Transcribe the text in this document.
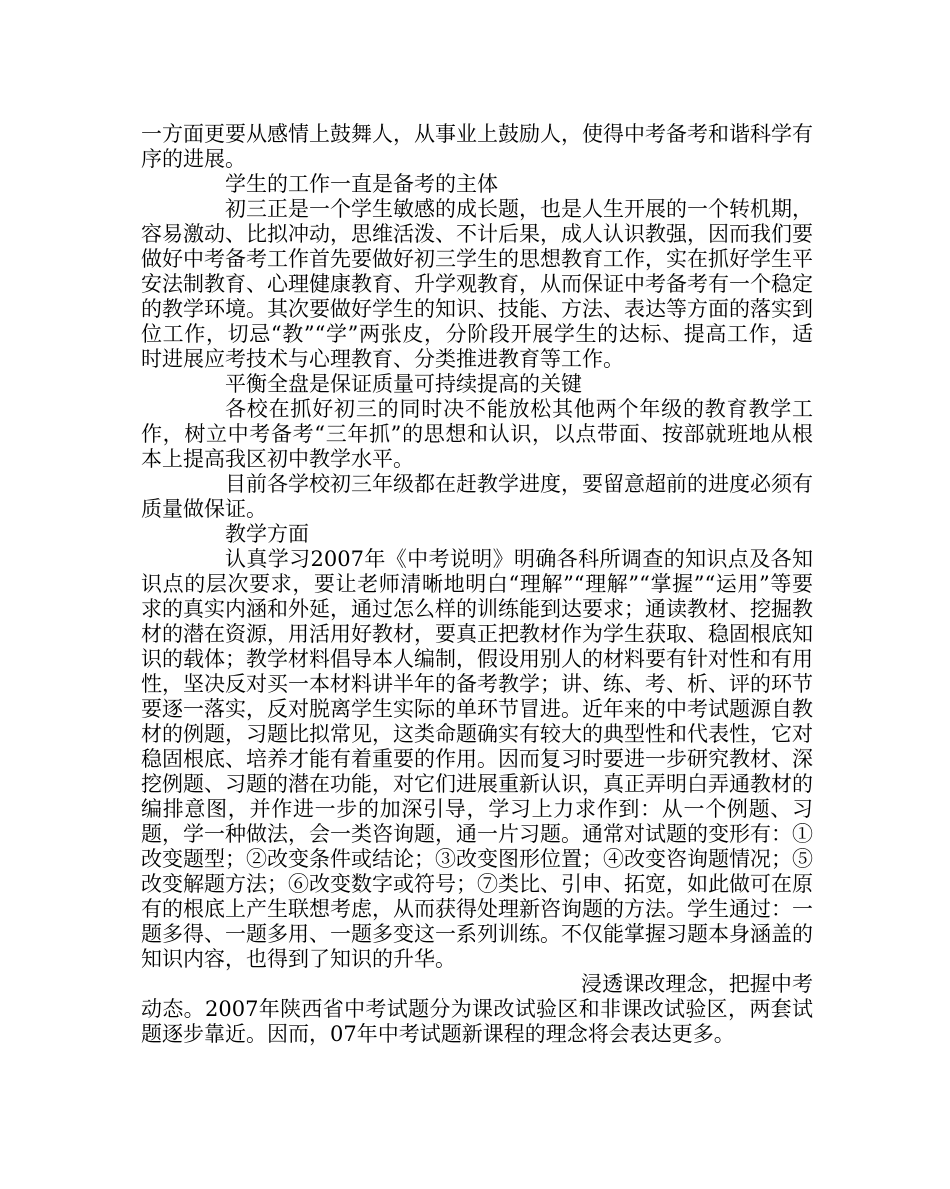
一方面更要从感情上鼓舞人，从事业上鼓励人，使得中考备考和谐科学有序的进展。

学生的工作一直是备考的主体

初三正是一个学生敏感的成长题，也是人生开展的一个转机期，容易激动、比拟冲动，思维活泼、不计后果，成人认识教强，因而我们要做好中考备考工作首先要做好初三学生的思想教育工作，实在抓好学生平安法制教育、心理健康教育、升学观教育，从而保证中考备考有一个稳定的教学环境。其次要做好学生的知识、技能、方法、表达等方面的落实到位工作，切忌“教”“学”两张皮，分阶段开展学生的达标、提高工作，适时进展应考技术与心理教育、分类推进教育等工作。

平衡全盘是保证质量可持续提高的关键

各校在抓好初三的同时决不能放松其他两个年级的教育教学工作，树立中考备考“三年抓”的思想和认识，以点带面、按部就班地从根本上提高我区初中教学水平。

目前各学校初三年级都在赶教学进度，要留意超前的进度必须有质量做保证。

教学方面

认真学习2007年《中考说明》明确各科所调查的知识点及各知识点的层次要求，要让老师清晰地明白“理解”“理解”“掌握”“运用”等要求的真实内涵和外延，通过怎么样的训练能到达要求；通读教材、挖掘教材的潜在资源，用活用好教材，要真正把教材作为学生获取、稳固根底知识的载体；教学材料倡导本人编制，假设用别人的材料要有针对性和有用性，坚决反对买一本材料讲半年的备考教学；讲、练、考、析、评的环节要逐一落实，反对脱离学生实际的单环节冒进。近年来的中考试题源自教材的例题，习题比拟常见，这类命题确实有较大的典型性和代表性，它对稳固根底、培养才能有着重要的作用。因而复习时要进一步研究教材、深挖例题、习题的潜在功能，对它们进展重新认识，真正弄明白弄通教材的编排意图，并作进一步的加深引导，学习上力求作到：从一个例题、习题，学一种做法，会一类咨询题，通一片习题。通常对试题的变形有：①改变题型；②改变条件或结论；③改变图形位置；④改变咨询题情况；⑤改变解题方法；⑥改变数字或符号；⑦类比、引申、拓宽，如此做可在原有的根底上产生联想考虑，从而获得处理新咨询题的方法。学生通过：一题多得、一题多用、一题多变这一系列训练。不仅能掌握习题本身涵盖的知识内容，也得到了知识的升华。

浸透课改理念，把握中考动态。2007年陕西省中考试题分为课改试验区和非课改试验区，两套试题逐步靠近。因而，07年中考试题新课程的理念将会表达更多。
